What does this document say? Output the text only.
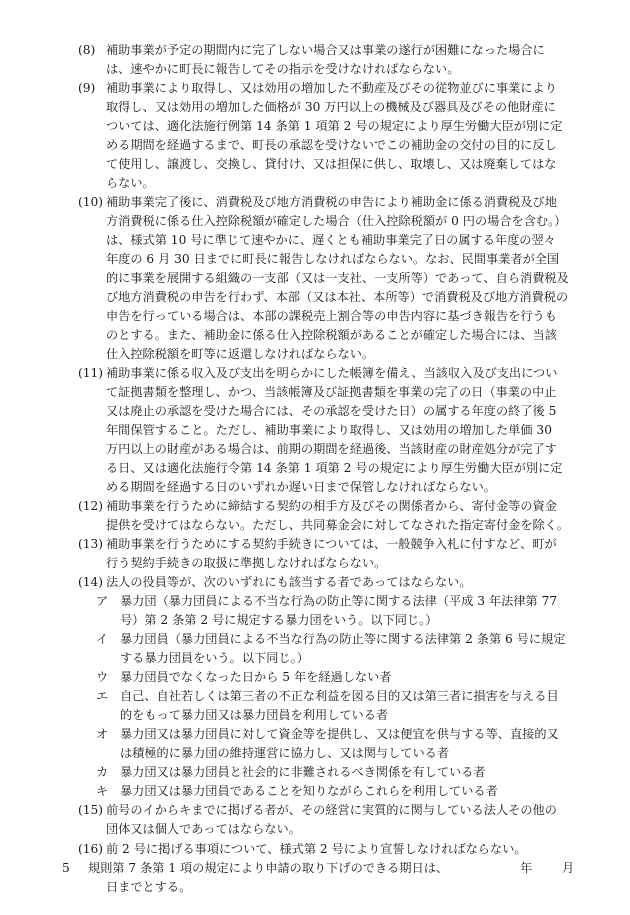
(8) 補助事業が予定の期間内に完了しない場合又は事業の遂行が困難になった場合に
は、速やかに町長に報告してその指示を受けなければならない。
(9) 補助事業により取得し、又は効用の増加した不動産及びその従物並びに事業により
取得し、又は効用の増加した価格が 30 万円以上の機械及び器具及びその他財産に
ついては、適化法施行例第 14 条第 1 項第 2 号の規定により厚生労働大臣が別に定
める期間を経過するまで、町長の承認を受けないでこの補助金の交付の目的に反し
て使用し、譲渡し、交換し、貸付け、又は担保に供し、取壊し、又は廃棄してはな
らない。
(10) 補助事業完了後に、消費税及び地方消費税の申告により補助金に係る消費税及び地
方消費税に係る仕入控除税額が確定した場合（仕入控除税額が 0 円の場合を含む。）
は、様式第 10 号に準じて速やかに、遅くとも補助事業完了日の属する年度の翌々
年度の 6 月 30 日までに町長に報告しなければならない。なお、民間事業者が全国
的に事業を展開する組織の一支部（又は一支社、一支所等）であって、自ら消費税及
び地方消費税の申告を行わず、本部（又は本社、本所等）で消費税及び地方消費税の
申告を行っている場合は、本部の課税売上割合等の申告内容に基づき報告を行うも
のとする。また、補助金に係る仕入控除税額があることが確定した場合には、当該
仕入控除税額を町等に返還しなければならない。
(11) 補助事業に係る収入及び支出を明らかにした帳簿を備え、当該収入及び支出につい
て証拠書類を整理し、かつ、当該帳簿及び証拠書類を事業の完了の日（事業の中止
又は廃止の承認を受けた場合には、その承認を受けた日）の属する年度の終了後 5
年間保管すること。ただし、補助事業により取得し、又は効用の増加した単価 30
万円以上の財産がある場合は、前期の期間を経過後、当該財産の財産処分が完了す
る日、又は適化法施行令第 14 条第 1 項第 2 号の規定により厚生労働大臣が別に定
める期間を経過する日のいずれか遅い日まで保管しなければならない。
(12) 補助事業を行うために締結する契約の相手方及びその関係者から、寄付金等の資金
提供を受けてはならない。ただし、共同募金会に対してなされた指定寄付金を除く。
(13) 補助事業を行うためにする契約手続きについては、一般競争入札に付すなど、町が
行う契約手続きの取扱に準拠しなければならない。
(14) 法人の役員等が、次のいずれにも該当する者であってはならない。
ア 暴力団（暴力団員による不当な行為の防止等に関する法律（平成 3 年法律第 77
号）第 2 条第 2 号に規定する暴力団をいう。以下同じ。）
イ 暴力団員（暴力団員による不当な行為の防止等に関する法律第 2 条第 6 号に規定
する暴力団員をいう。以下同じ。）
ウ 暴力団員でなくなった日から 5 年を経過しない者
エ 自己、自社若しくは第三者の不正な利益を図る目的又は第三者に損害を与える目
的をもって暴力団又は暴力団員を利用している者
オ 暴力団又は暴力団員に対して資金等を提供し、又は便宜を供与する等、直接的又
は積極的に暴力団の維持運営に協力し、又は関与している者
カ 暴力団又は暴力団員と社会的に非難されるべき関係を有している者
キ 暴力団又は暴力団員であることを知りながらこれらを利用している者
(15) 前号のイからキまでに掲げる者が、その経営に実質的に関与している法人その他の
団体又は個人であってはならない。
(16) 前 2 号に掲げる事項について、様式第 2 号により宣誓しなければならない。
5 規則第 7 条第 1 項の規定により申請の取り下げのできる期日は、	年 月
日までとする。
